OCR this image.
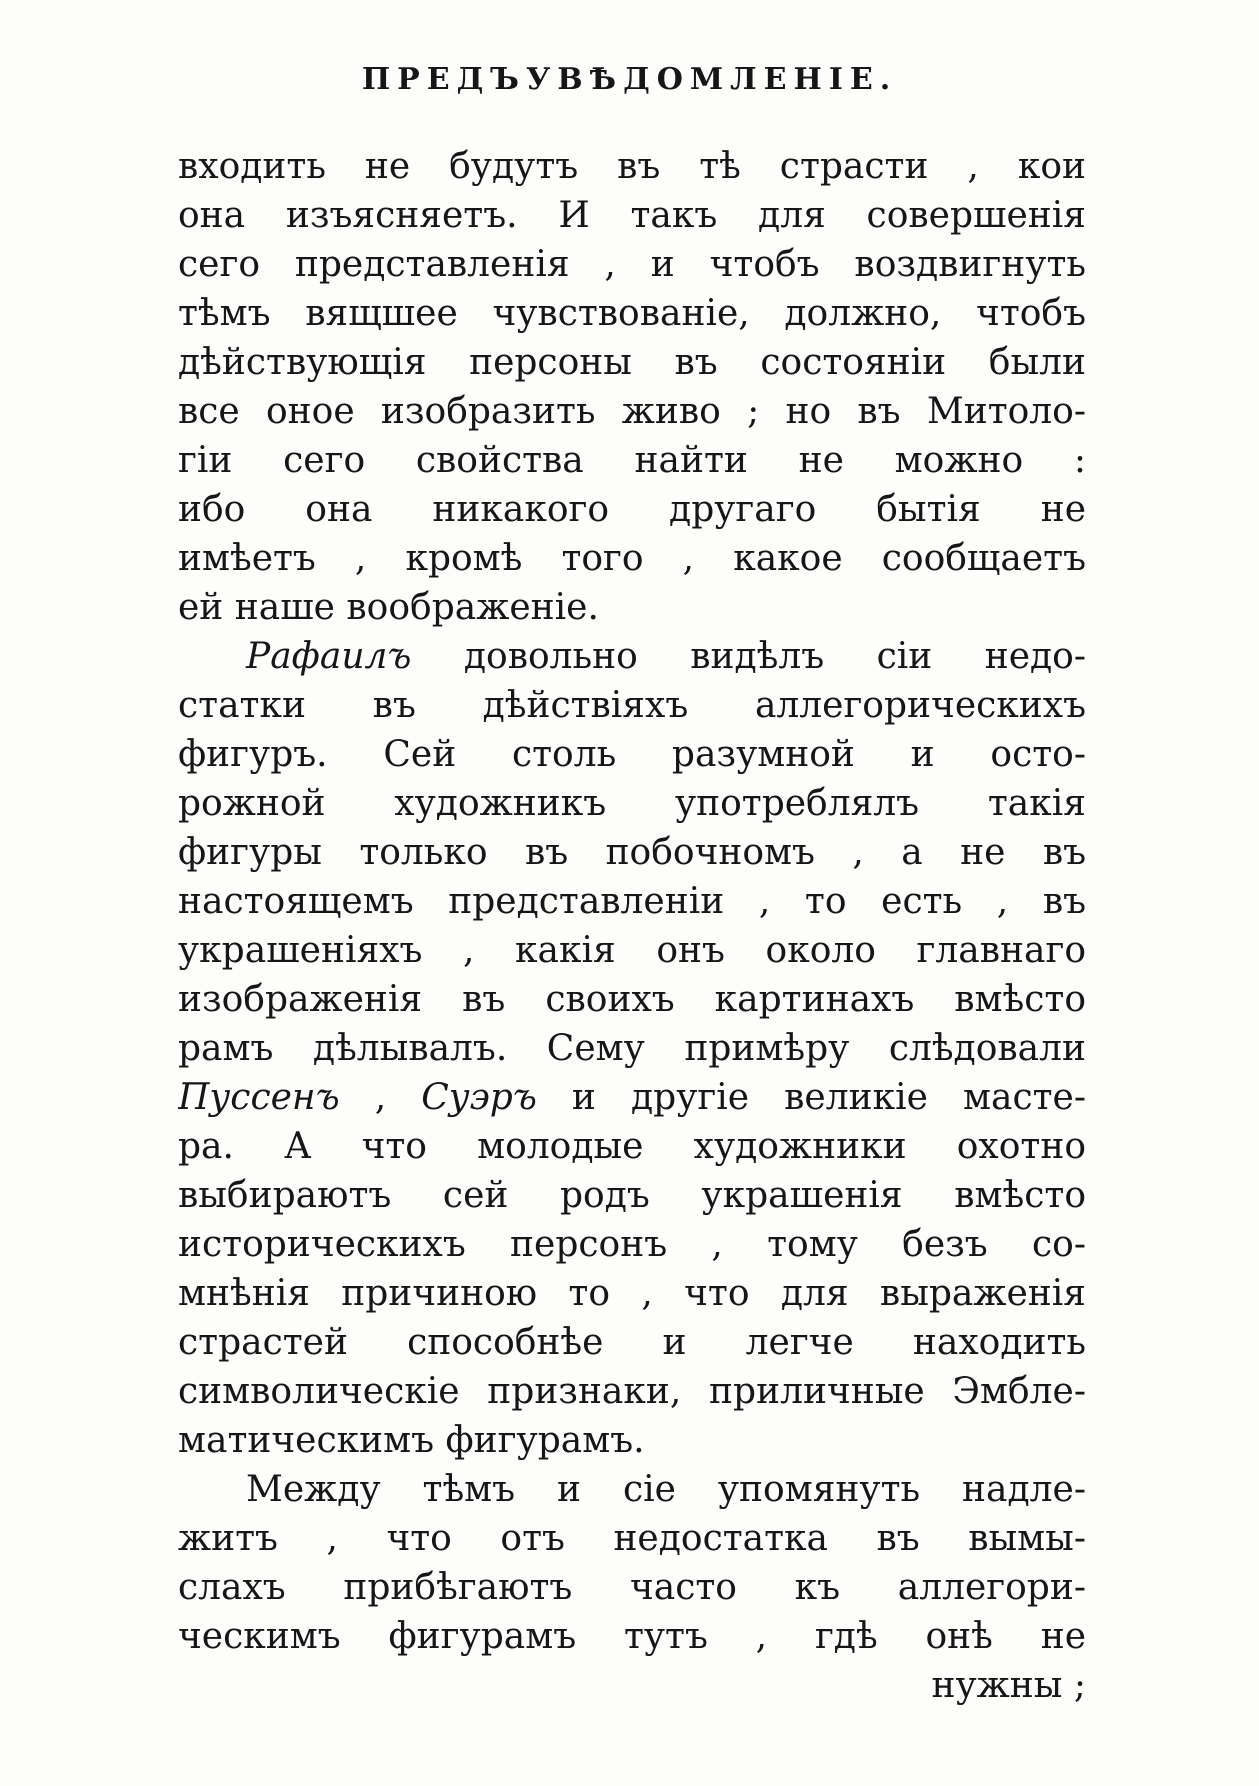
ПРЕДЪУВѢДОМЛЕНІЕ.
входить не будутъ въ тѣ страсти , кои
она изъясняетъ. И такъ для совершенія
сего представленія , и чтобъ воздвигнуть
тѣмъ вящшее чувствованіе, должно, чтобъ
дѣйствующія персоны въ состояніи были
все оное изобразить живо ; но въ Митоло-
гіи сего свойства найти не можно :
ибо она никакого другаго бытія не
имѣетъ , кромѣ того , какое сообщаетъ
ей наше воображеніе.
Рафаилъ довольно видѣлъ сіи недо-
статки въ дѣйствіяхъ аллегорическихъ
фигуръ. Сей столь разумной и осто-
рожной художникъ употреблялъ такія
фигуры только въ побочномъ , а не въ
настоящемъ представленіи , то есть , въ
украшеніяхъ , какія онъ около главнаго
изображенія въ своихъ картинахъ вмѣсто
рамъ дѣлывалъ. Сему примѣру слѣдовали
Пуссенъ , Суэръ и другіе великіе масте-
ра. А что молодые художники охотно
выбираютъ сей родъ украшенія вмѣсто
историческихъ персонъ , тому безъ со-
мнѣнія причиною то , что для выраженія
страстей способнѣе и легче находить
символическіе признаки, приличные Эмбле-
матическимъ фигурамъ.
Между тѣмъ и сіе упомянуть надле-
житъ , что отъ недостатка въ вымы-
слахъ прибѣгаютъ часто къ аллегори-
ческимъ фигурамъ тутъ , гдѣ онѣ не
нужны ;
